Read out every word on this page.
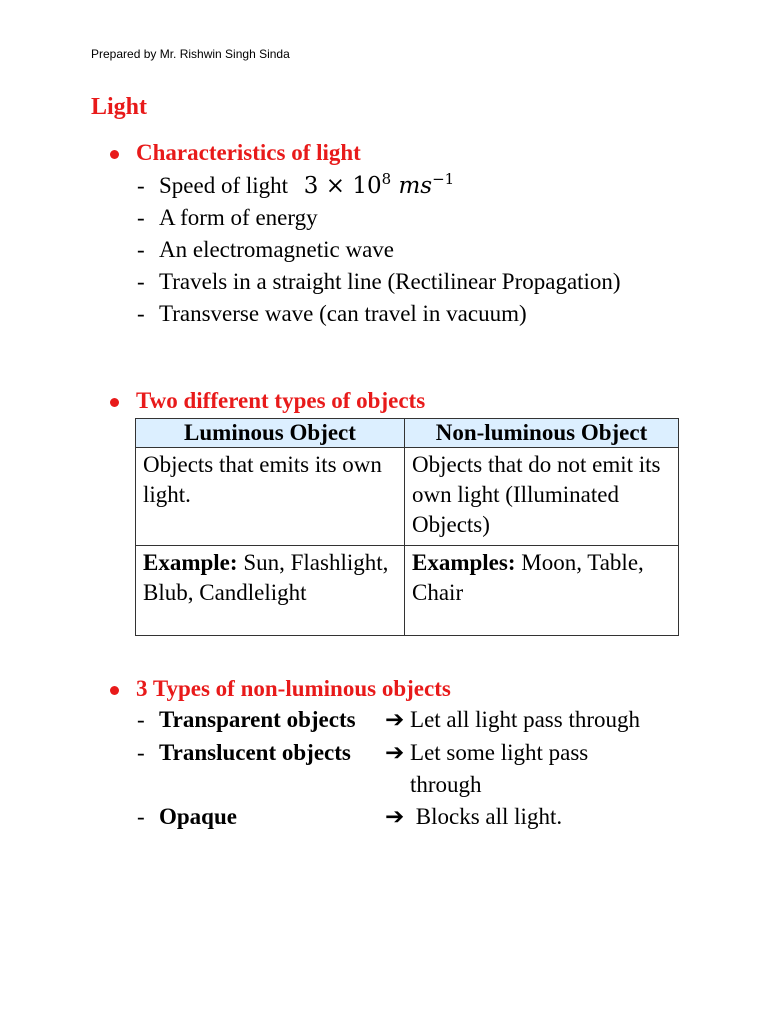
Prepared by Mr. Rishwin Singh Sinda
Light
Characteristics of light
- Speed of light $3 \times 10^8$ $ms^{-1}$
- A form of energy
- An electromagnetic wave
- Travels in a straight line (Rectilinear Propagation)
- Transverse wave (can travel in vacuum)
Two different types of objects
Luminous Object	Non-luminous Object
Objects that emits its own light.	Objects that do not emit its own light (Illuminated Objects)
Example: Sun, Flashlight, Blub, Candlelight	Examples: Moon, Table, Chair
3 Types of non-luminous objects
- Transparent objects ➔ Let all light pass through
- Translucent objects ➔ Let some light pass
through
- Opaque	➔ Blocks all light.
